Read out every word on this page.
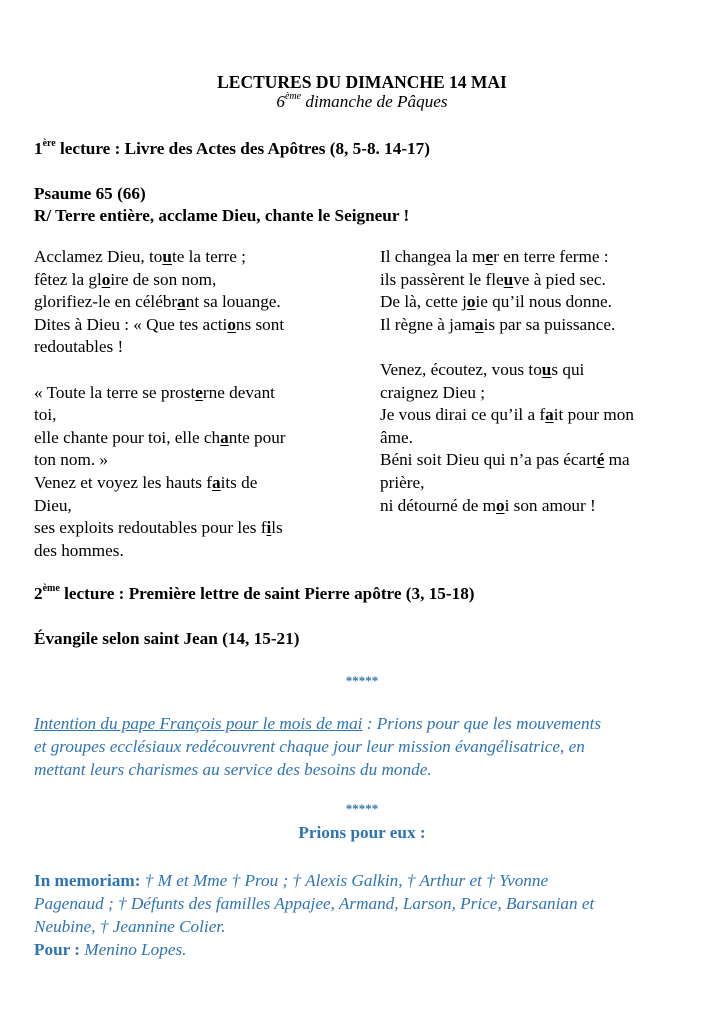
LECTURES DU DIMANCHE 14 MAI
6ème dimanche de Pâques
1ère lecture : Livre des Actes des Apôtres (8, 5-8. 14-17)
Psaume 65 (66)
R/ Terre entière, acclame Dieu, chante le Seigneur !
Acclamez Dieu, toute la terre ;
fêtez la gloire de son nom,
glorifiez-le en célébrant sa louange.
Dites à Dieu : « Que tes actions sont
redoutables !
« Toute la terre se prosterne devant
toi,
elle chante pour toi, elle chante pour
ton nom. »
Venez et voyez les hauts faits de
Dieu,
ses exploits redoutables pour les fils
des hommes.
Il changea la mer en terre ferme :
ils passèrent le fleuve à pied sec.
De là, cette joie qu’il nous donne.
Il règne à jamais par sa puissance.
Venez, écoutez, vous tous qui
craignez Dieu ;
Je vous dirai ce qu’il a fait pour mon
âme.
Béni soit Dieu qui n’a pas écarté ma
prière,
ni détourné de moi son amour !
2ème lecture : Première lettre de saint Pierre apôtre (3, 15-18)
Évangile selon saint Jean (14, 15-21)
*****
Intention du pape François pour le mois de mai : Prions pour que les mouvements
et groupes ecclésiaux redécouvrent chaque jour leur mission évangélisatrice, en
mettant leurs charismes au service des besoins du monde.
*****
Prions pour eux :
In memoriam: † M et Mme † Prou ; † Alexis Galkin, † Arthur et † Yvonne
Pagenaud ; † Défunts des familles Appajee, Armand, Larson, Price, Barsanian et
Neubine, † Jeannine Colier.
Pour : Menino Lopes.
